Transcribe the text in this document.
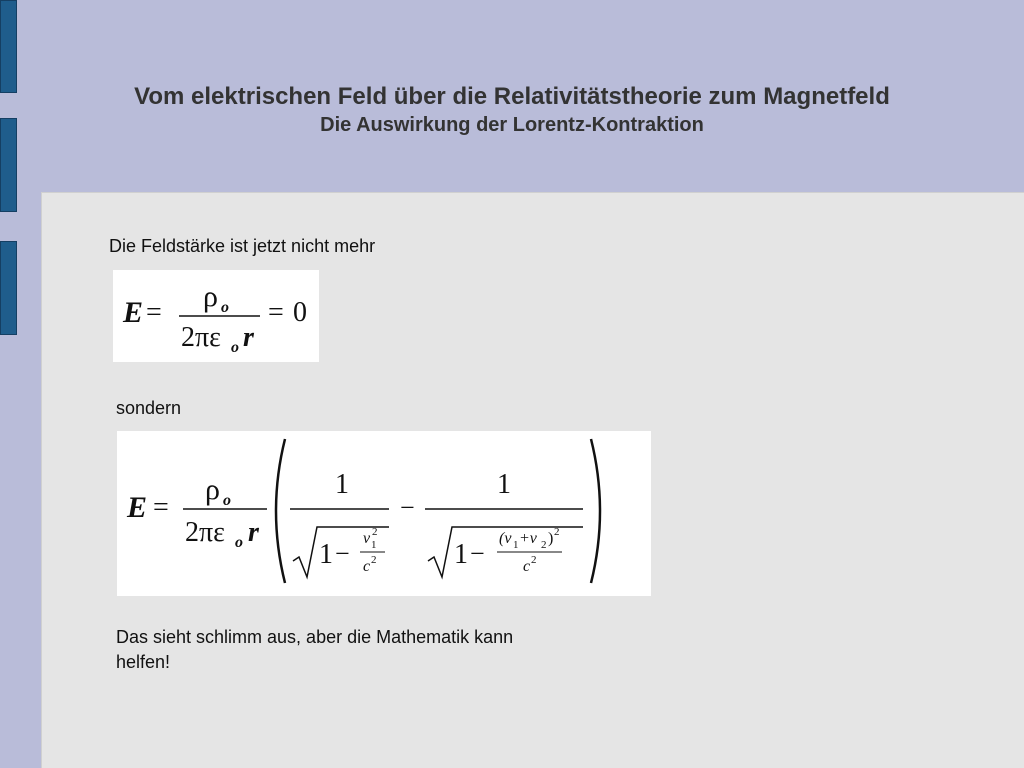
Vom elektrischen Feld über die Relativitätstheorie zum Magnetfeld
Die Auswirkung der Lorentz-Kontraktion
Die Feldstärke ist jetzt nicht mehr
E = ρ o
2πε o r
= 0
sondern
E =
ρ o
2πε o r
1
1 −
v 1
2
c 2
−
1
1 −
(v 1 +v 2 ) 2
c 2
Das sieht schlimm aus, aber die Mathematik kann
helfen!
